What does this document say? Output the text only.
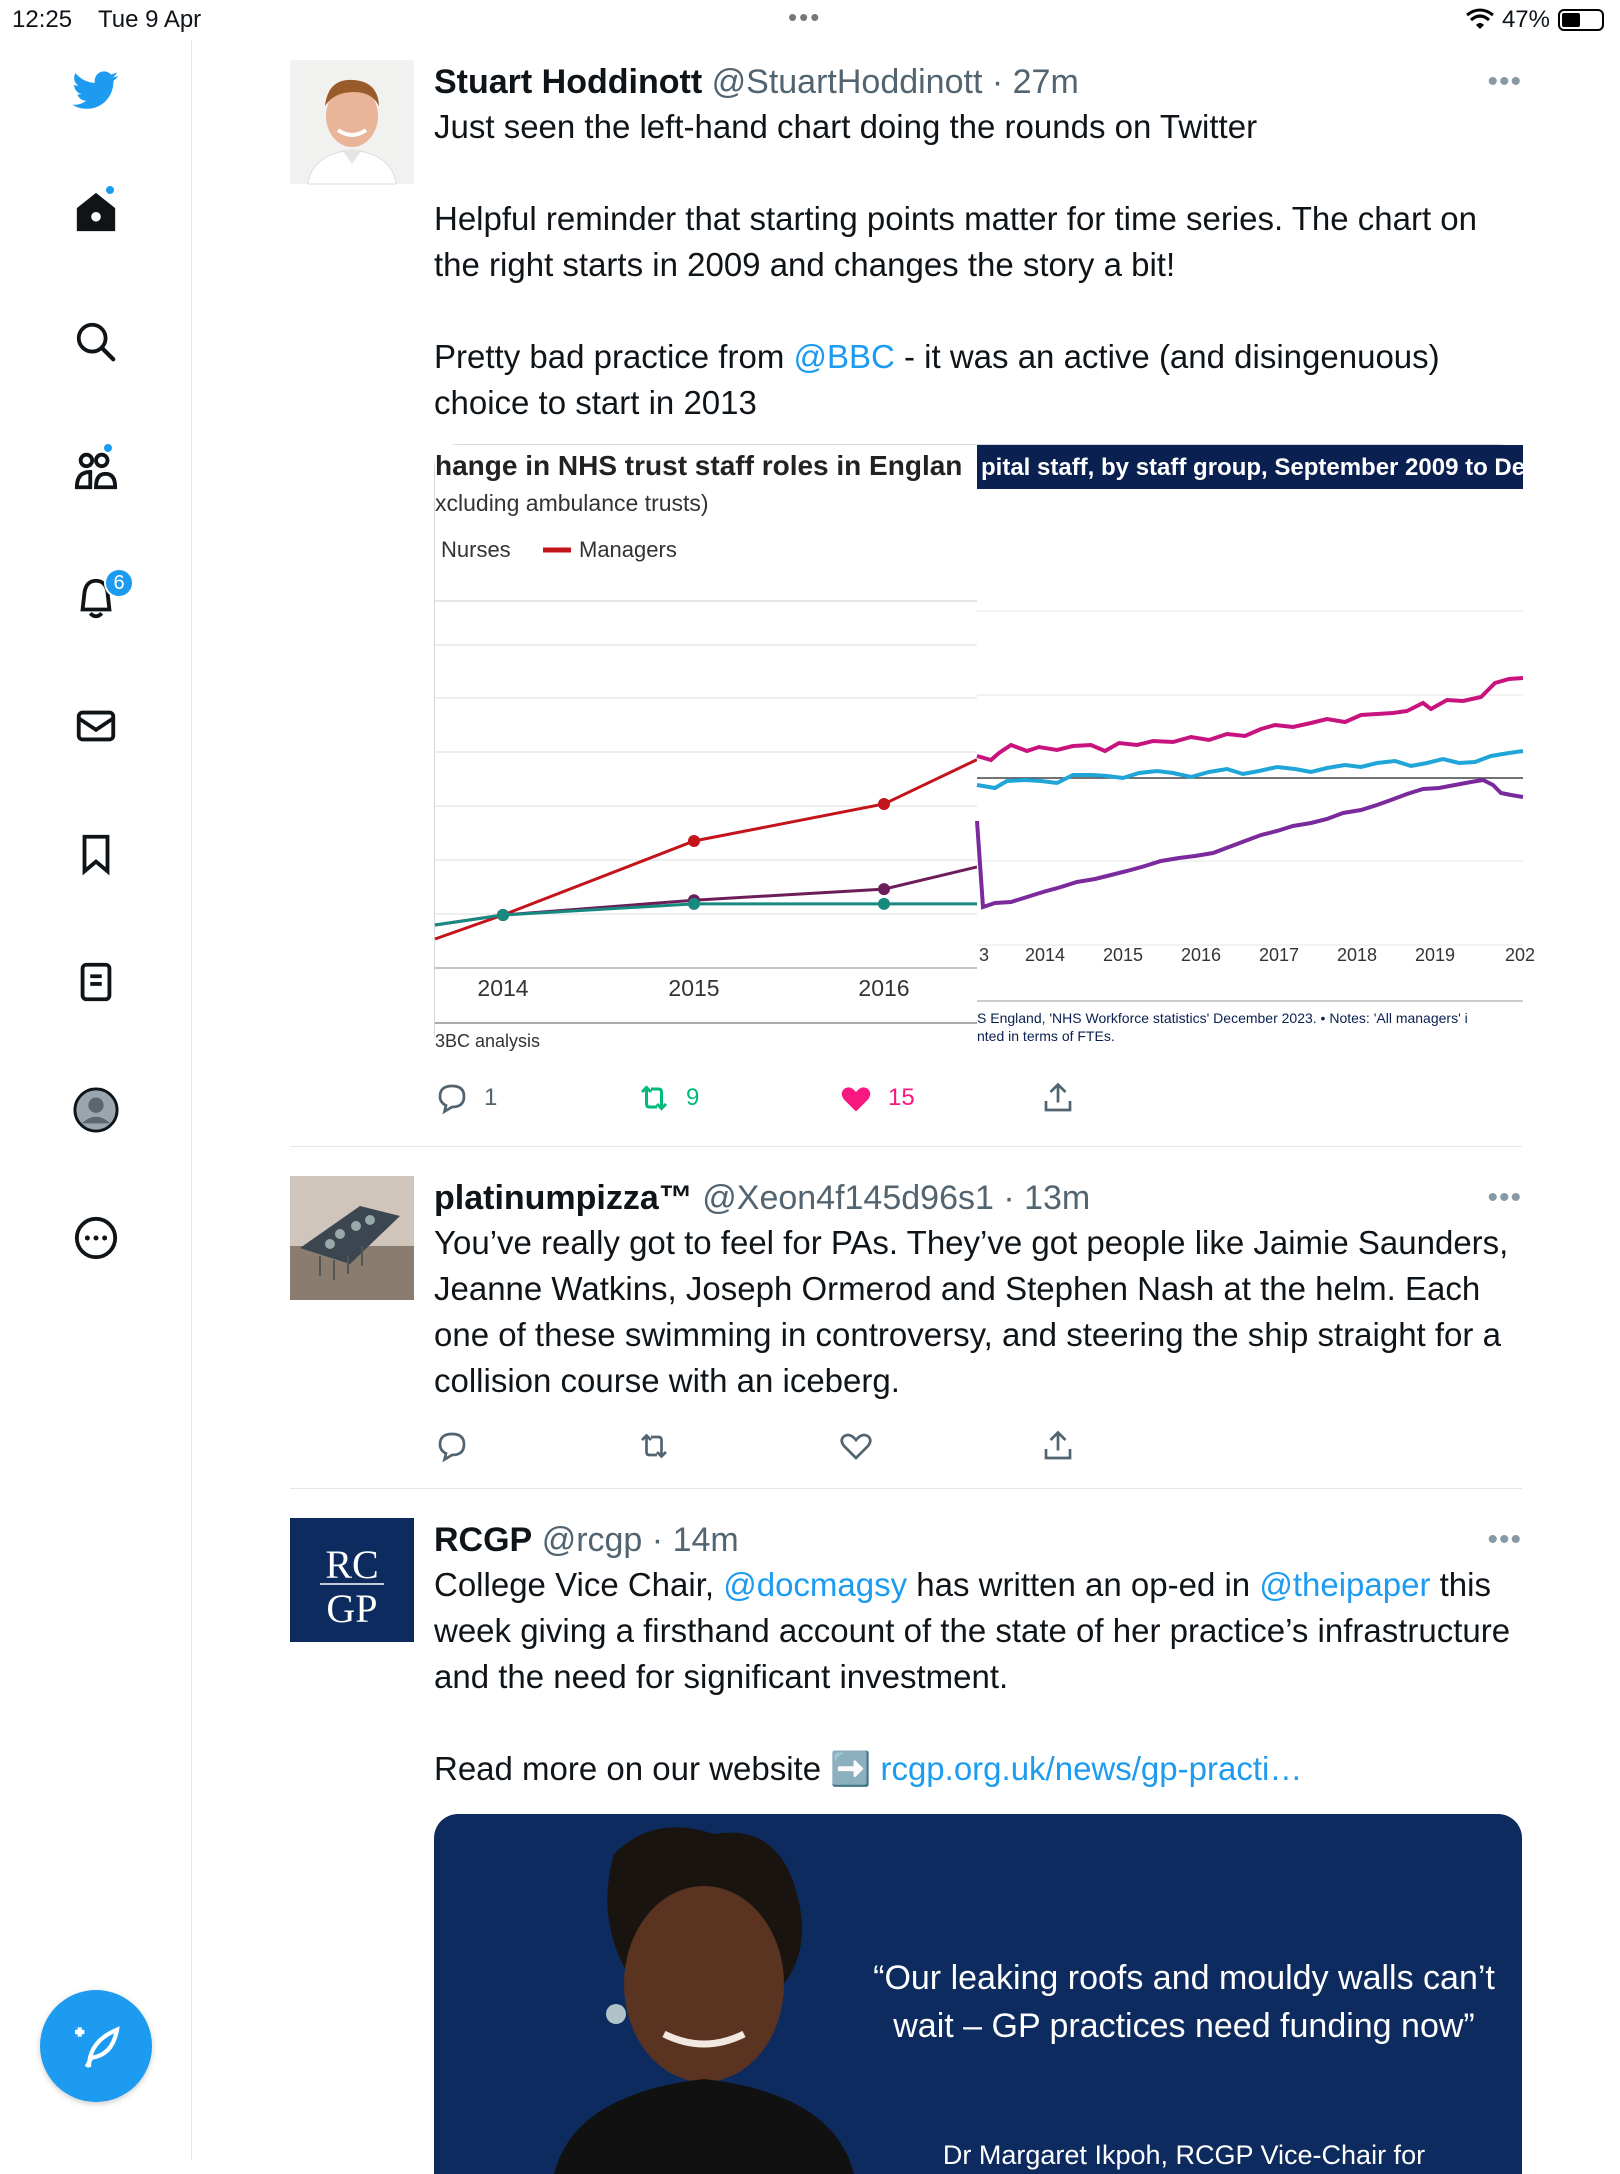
12:25 Tue 9 Apr	•••	47%
6
Stuart Hoddinott @StuartHoddinott · 27m	•••

Just seen the left-hand chart doing the rounds on Twitter

Helpful reminder that starting points matter for time series. The chart on the right starts in 2009 and changes the story a bit!

Pretty bad practice from @BBC - it was an active (and disingenuous) choice to start in 2013

hange in NHS trust staff roles in Englan
xcluding ambulance trusts)
Nurses	Managers
2014	2015	2016
3BC analysis
pital staff, by staff group, September 2009 to De
3 2014 2015 2016 2017 2018 2019	202
S England, 'NHS Workforce statistics' December 2023. • Notes: 'All managers' i
nted in terms of FTEs.
1	9	15
platinumpizza™ @Xeon4f145d96s1 · 13m	•••

You’ve really got to feel for PAs. They’ve got people like Jaimie Saunders, Jeanne Watkins, Joseph Ormerod and Stephen Nash at the helm. Each one of these swimming in controversy, and steering the ship straight for a collision course with an iceberg.

RC
GP
RCGP @rcgp · 14m	•••

College Vice Chair, @docmagsy has written an op-ed in @theipaper this week giving a firsthand account of the state of her practice’s infrastructure and the need for significant investment.

Read more on our website ➡️ rcgp.org.uk/news/gp-practi…

“Our leaking roofs and mouldy walls can’t wait – GP practices need funding now”
Dr Margaret Ikpoh, RCGP Vice-Chair for
